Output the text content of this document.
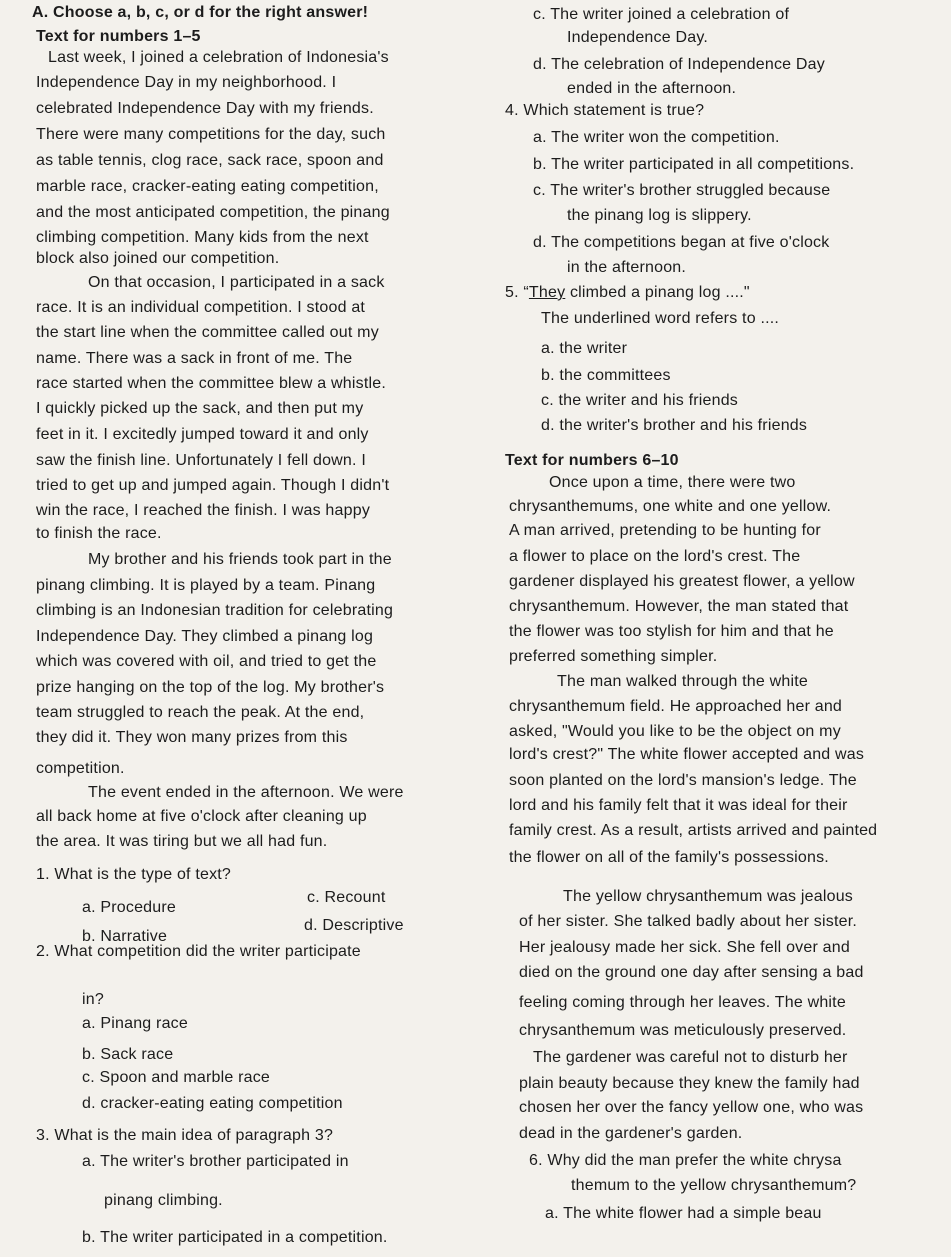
A. Choose a, b, c, or d for the right answer!
Text for numbers 1–5
Last week, I joined a celebration of Indonesia's
Independence Day in my neighborhood. I
celebrated Independence Day with my friends.
There were many competitions for the day, such
as table tennis, clog race, sack race, spoon and
marble race, cracker-eating eating competition,
and the most anticipated competition, the pinang
climbing competition. Many kids from the next
block also joined our competition.
On that occasion, I participated in a sack
race. It is an individual competition. I stood at
the start line when the committee called out my
name. There was a sack in front of me. The
race started when the committee blew a whistle.
I quickly picked up the sack, and then put my
feet in it. I excitedly jumped toward it and only
saw the finish line. Unfortunately I fell down. I
tried to get up and jumped again. Though I didn't
win the race, I reached the finish. I was happy
to finish the race.
My brother and his friends took part in the
pinang climbing. It is played by a team. Pinang
climbing is an Indonesian tradition for celebrating
Independence Day. They climbed a pinang log
which was covered with oil, and tried to get the
prize hanging on the top of the log. My brother's
team struggled to reach the peak. At the end,
they did it. They won many prizes from this
competition.
The event ended in the afternoon. We were
all back home at five o'clock after cleaning up
the area. It was tiring but we all had fun.
1. What is the type of text?
a. Procedure
c. Recount
b. Narrative
d. Descriptive
2. What competition did the writer participate
in?
a. Pinang race
b. Sack race
c. Spoon and marble race
d. cracker-eating eating competition
3. What is the main idea of paragraph 3?
a. The writer's brother participated in
pinang climbing.
b. The writer participated in a competition.
c. The writer joined a celebration of
Independence Day.
d. The celebration of Independence Day
ended in the afternoon.
4. Which statement is true?
a. The writer won the competition.
b. The writer participated in all competitions.
c. The writer's brother struggled because
the pinang log is slippery.
d. The competitions began at five o'clock
in the afternoon.
5. “They climbed a pinang log ...."
The underlined word refers to ....
a. the writer
b. the committees
c. the writer and his friends
d. the writer's brother and his friends
Text for numbers 6–10
Once upon a time, there were two
chrysanthemums, one white and one yellow.
A man arrived, pretending to be hunting for
a flower to place on the lord's crest. The
gardener displayed his greatest flower, a yellow
chrysanthemum. However, the man stated that
the flower was too stylish for him and that he
preferred something simpler.
The man walked through the white
chrysanthemum field. He approached her and
asked, "Would you like to be the object on my
lord's crest?" The white flower accepted and was
soon planted on the lord's mansion's ledge. The
lord and his family felt that it was ideal for their
family crest. As a result, artists arrived and painted
the flower on all of the family's possessions.
The yellow chrysanthemum was jealous
of her sister. She talked badly about her sister.
Her jealousy made her sick. She fell over and
died on the ground one day after sensing a bad
feeling coming through her leaves. The white
chrysanthemum was meticulously preserved.
The gardener was careful not to disturb her
plain beauty because they knew the family had
chosen her over the fancy yellow one, who was
dead in the gardener's garden.
6. Why did the man prefer the white chrysa
themum to the yellow chrysanthemum?
a. The white flower had a simple beau
